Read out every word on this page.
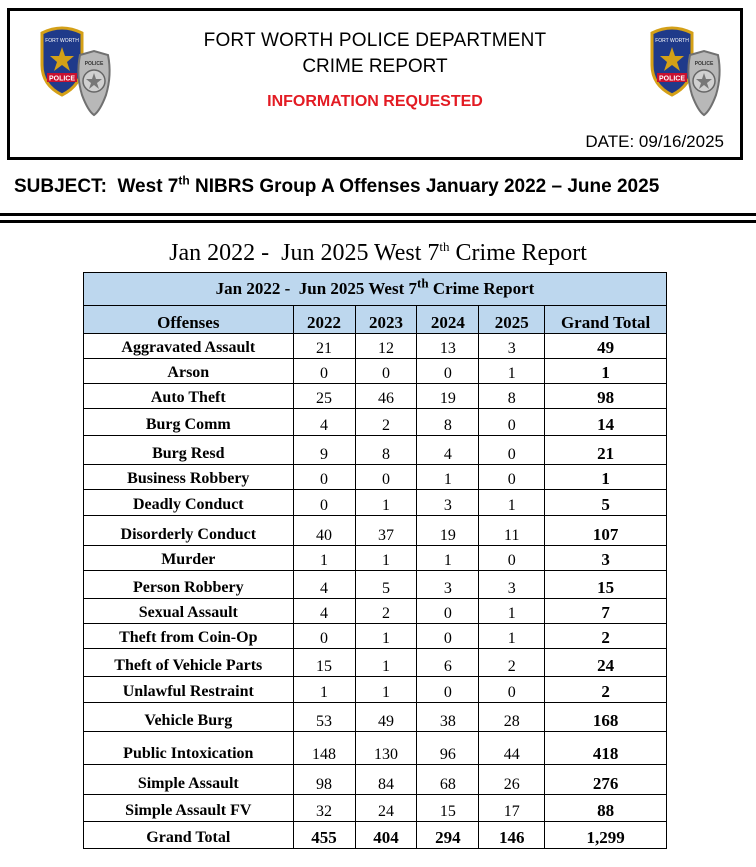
POLICE
FORT WORTH
POLICE
FORT WORTH POLICE DEPARTMENT
CRIME REPORT
INFORMATION REQUESTED
DATE: 09/16/2025
POLICE
FORT WORTH
POLICE
SUBJECT: West 7th NIBRS Group A Offenses January 2022 – June 2025
Jan 2022 -  Jun 2025 West 7th Crime Report
Jan 2022 -  Jun 2025 West 7th Crime Report					
Offenses	2022	2023	2024	2025	Grand Total
Aggravated Assault	21	12	13	3	49
Arson	0	0	0	1	1
Auto Theft	25	46	19	8	98
Burg Comm	4	2	8	0	14
Burg Resd	9	8	4	0	21
Business Robbery	0	0	1	0	1
Deadly Conduct	0	1	3	1	5
Disorderly Conduct	40	37	19	11	107
Murder	1	1	1	0	3
Person Robbery	4	5	3	3	15
Sexual Assault	4	2	0	1	7
Theft from Coin-Op	0	1	0	1	2
Theft of Vehicle Parts	15	1	6	2	24
Unlawful Restraint	1	1	0	0	2
Vehicle Burg	53	49	38	28	168
Public Intoxication	148	130	96	44	418
Simple Assault	98	84	68	26	276
Simple Assault FV	32	24	15	17	88
Grand Total	455	404	294	146	1,299
